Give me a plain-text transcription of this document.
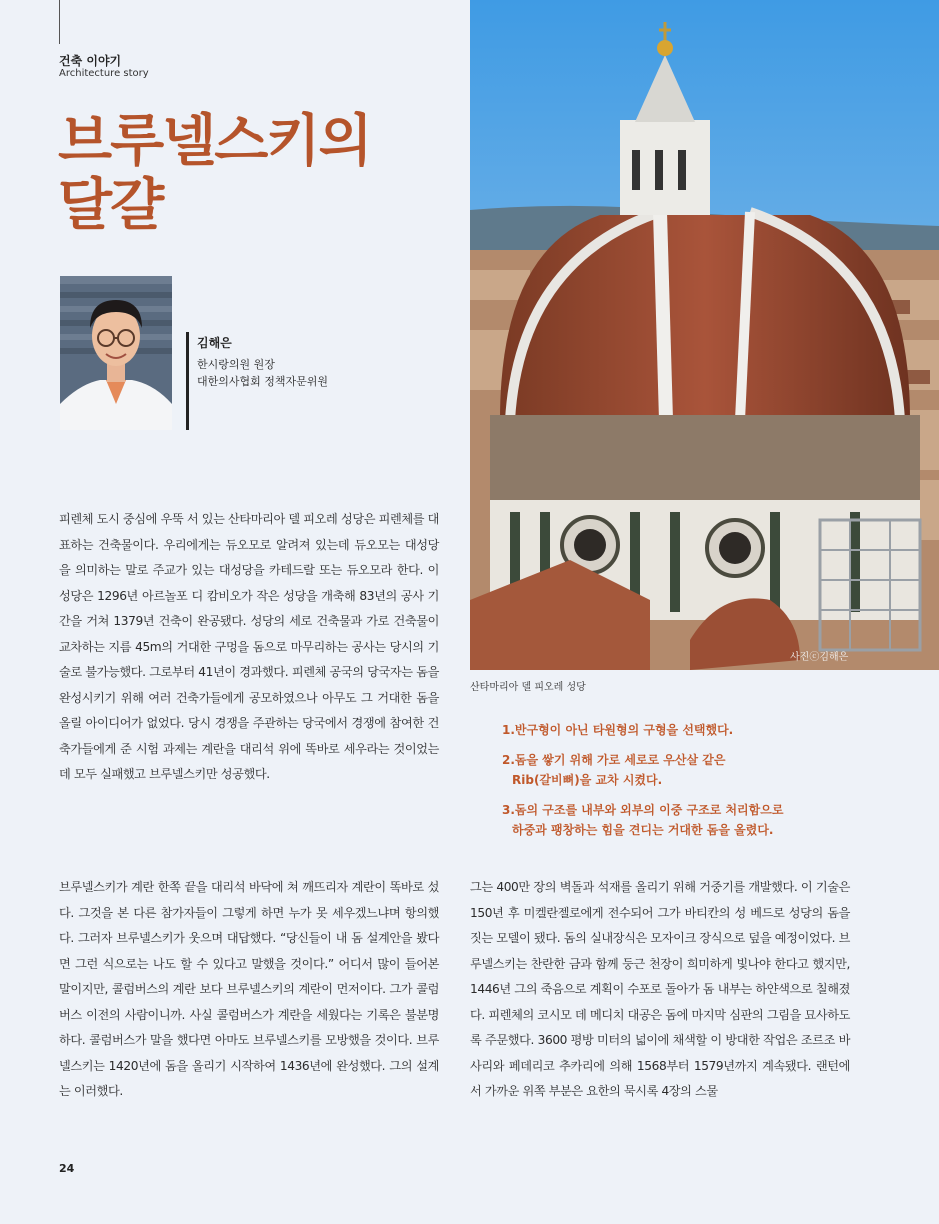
건축 이야기
Architecture story
브루넬스키의
달걀
김해은
한시랑의원 원장
대한의사협회 정책자문위원
사진ⓒ김해은
산타마리아 델 피오레 성당
피렌체 도시 중심에 우뚝 서 있는 산타마리아 델 피오레 성당은 피렌체를 대표하는 건축물이다. 우리에게는 듀오모로 알려져 있는데 듀오모는 대성당을 의미하는 말로 주교가 있는 대성당을 카테드랄 또는 듀오모라 한다. 이 성당은 1296년 아르놀포 디 캄비오가 작은 성당을 개축해 83년의 공사 기간을 거쳐 1379년 건축이 완공됐다. 성당의 세로 건축물과 가로 건축물이 교차하는 지름 45m의 거대한 구멍을 돔으로 마무리하는 공사는 당시의 기술로 불가능했다. 그로부터 41년이 경과했다. 피렌체 공국의 당국자는 돔을 완성시키기 위해 여러 건축가들에게 공모하였으나 아무도 그 거대한 돔을 올릴 아이디어가 없었다. 당시 경쟁을 주관하는 당국에서 경쟁에 참여한 건축가들에게 준 시험 과제는 계란을 대리석 위에 똑바로 세우라는 것이었는데 모두 실패했고 브루넬스키만 성공했다.
브루넬스키가 계란 한쪽 끝을 대리석 바닥에 쳐 깨뜨리자 계란이 똑바로 섰다. 그것을 본 다른 참가자들이 그렇게 하면 누가 못 세우겠느냐며 항의했다. 그러자 브루넬스키가 웃으며 대답했다. “당신들이 내 돔 설계안을 봤다면 그런 식으로는 나도 할 수 있다고 말했을 것이다.” 어디서 많이 들어본 말이지만, 콜럼버스의 계란 보다 브루넬스키의 계란이 먼저이다. 그가 콜럼버스 이전의 사람이니까. 사실 콜럼버스가 계란을 세웠다는 기록은 불분명하다. 콜럼버스가 말을 했다면 아마도 브루넬스키를 모방했을 것이다. 브루넬스키는 1420년에 돔을 올리기 시작하여 1436년에 완성했다. 그의 설계는 이러했다.
그는 400만 장의 벽돌과 석재를 올리기 위해 거중기를 개발했다. 이 기술은 150년 후 미켈란젤로에게 전수되어 그가 바티칸의 성 베드로 성당의 돔을 짓는 모델이 됐다. 돔의 실내장식은 모자이크 장식으로 덮을 예정이었다. 브루넬스키는 찬란한 금과 함께 둥근 천장이 희미하게 빛나야 한다고 했지만, 1446년 그의 죽음으로 계획이 수포로 돌아가 돔 내부는 하얀색으로 칠해졌다. 피렌체의 코시모 데 메디치 대공은 돔에 마지막 심판의 그림을 묘사하도록 주문했다. 3600 평방 미터의 넓이에 채색할 이 방대한 작업은 조르조 바사리와 페데리코 추카리에 의해 1568부터 1579년까지 계속됐다. 랜턴에서 가까운 위쪽 부분은 요한의 묵시록 4장의 스물
1.반구형이 아닌 타원형의 구형을 선택했다.
2.돔을 쌓기 위해 가로 세로로 우산살 같은
Rib(갈비뼈)을 교차 시켰다.
3.돔의 구조를 내부와 외부의 이중 구조로 처리함으로
하중과 팽창하는 힘을 견디는 거대한 돔을 올렸다.
24
